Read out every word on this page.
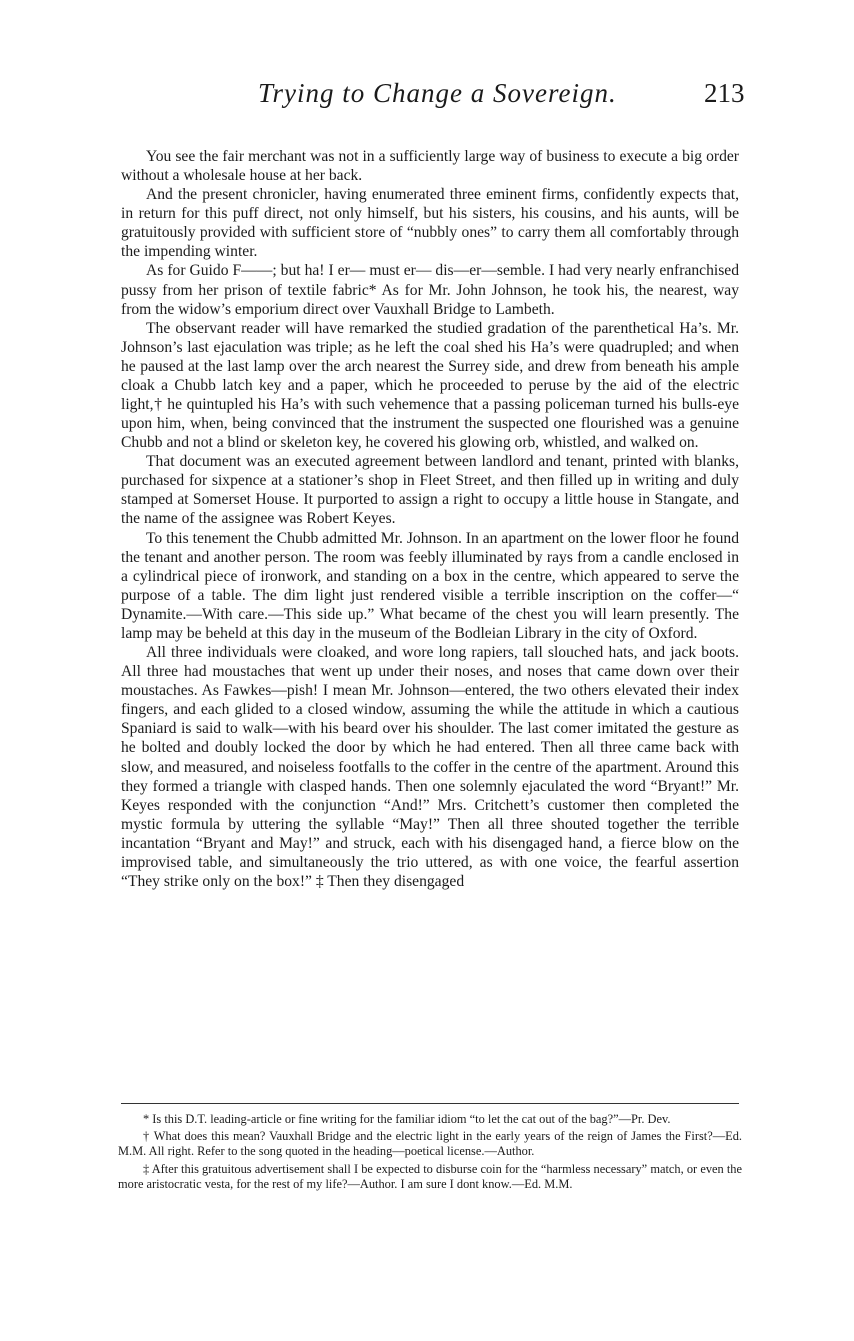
Trying to Change a Sovereign.	213

You see the fair merchant was not in a sufficiently large way of business to execute a big order without a wholesale house at her back.

And the present chronicler, having enumerated three eminent firms, confidently expects that, in return for this puff direct, not only himself, but his sisters, his cousins, and his aunts, will be gratuitously provided with sufficient store of “nubbly ones” to carry them all comfortably through the impending winter.

As for Guido F——; but ha! I er— must er— dis—er—semble. I had very nearly enfranchised pussy from her prison of textile fabric* As for Mr. John Johnson, he took his, the nearest, way from the widow’s emporium direct over Vauxhall Bridge to Lambeth.

The observant reader will have remarked the studied gradation of the parenthetical Ha’s. Mr. Johnson’s last ejaculation was triple; as he left the coal shed his Ha’s were quadrupled; and when he paused at the last lamp over the arch nearest the Surrey side, and drew from beneath his ample cloak a Chubb latch key and a paper, which he proceeded to peruse by the aid of the electric light,† he quintupled his Ha’s with such vehemence that a passing policeman turned his bulls-eye upon him, when, being convinced that the instrument the suspected one flourished was a genuine Chubb and not a blind or skeleton key, he covered his glowing orb, whistled, and walked on.

That document was an executed agreement between landlord and tenant, printed with blanks, purchased for sixpence at a stationer’s shop in Fleet Street, and then filled up in writing and duly stamped at Somerset House. It purported to assign a right to occupy a little house in Stangate, and the name of the assignee was Robert Keyes.

To this tenement the Chubb admitted Mr. Johnson. In an apartment on the lower floor he found the tenant and another person. The room was feebly illuminated by rays from a candle enclosed in a cylindrical piece of ironwork, and standing on a box in the centre, which appeared to serve the purpose of a table. The dim light just rendered visible a terrible inscription on the coffer—“ Dynamite.—With care.—This side up.” What became of the chest you will learn presently. The lamp may be beheld at this day in the museum of the Bodleian Library in the city of Oxford.

All three individuals were cloaked, and wore long rapiers, tall slouched hats, and jack boots. All three had moustaches that went up under their noses, and noses that came down over their moustaches. As Fawkes—pish! I mean Mr. Johnson—entered, the two others elevated their index fingers, and each glided to a closed window, assuming the while the attitude in which a cautious Spaniard is said to walk—with his beard over his shoulder. The last comer imitated the gesture as he bolted and doubly locked the door by which he had entered. Then all three came back with slow, and measured, and noiseless footfalls to the coffer in the centre of the apartment. Around this they formed a triangle with clasped hands. Then one solemnly ejaculated the word “Bryant!” Mr. Keyes responded with the conjunction “And!” Mrs. Critchett’s customer then completed the mystic formula by uttering the syllable “May!” Then all three shouted together the terrible incantation “Bryant and May!” and struck, each with his disengaged hand, a fierce blow on the improvised table, and simultaneously the trio uttered, as with one voice, the fearful assertion “They strike only on the box!” ‡ Then they disengaged

* Is this D.T. leading-article or fine writing for the familiar idiom “to let the cat out of the bag?”—Pr. Dev.

† What does this mean? Vauxhall Bridge and the electric light in the early years of the reign of James the First?—Ed. M.M. All right. Refer to the song quoted in the heading—poetical license.—Author.

‡ After this gratuitous advertisement shall I be expected to disburse coin for the “harmless necessary” match, or even the more aristocratic vesta, for the rest of my life?—Author. I am sure I dont know.—Ed. M.M.
